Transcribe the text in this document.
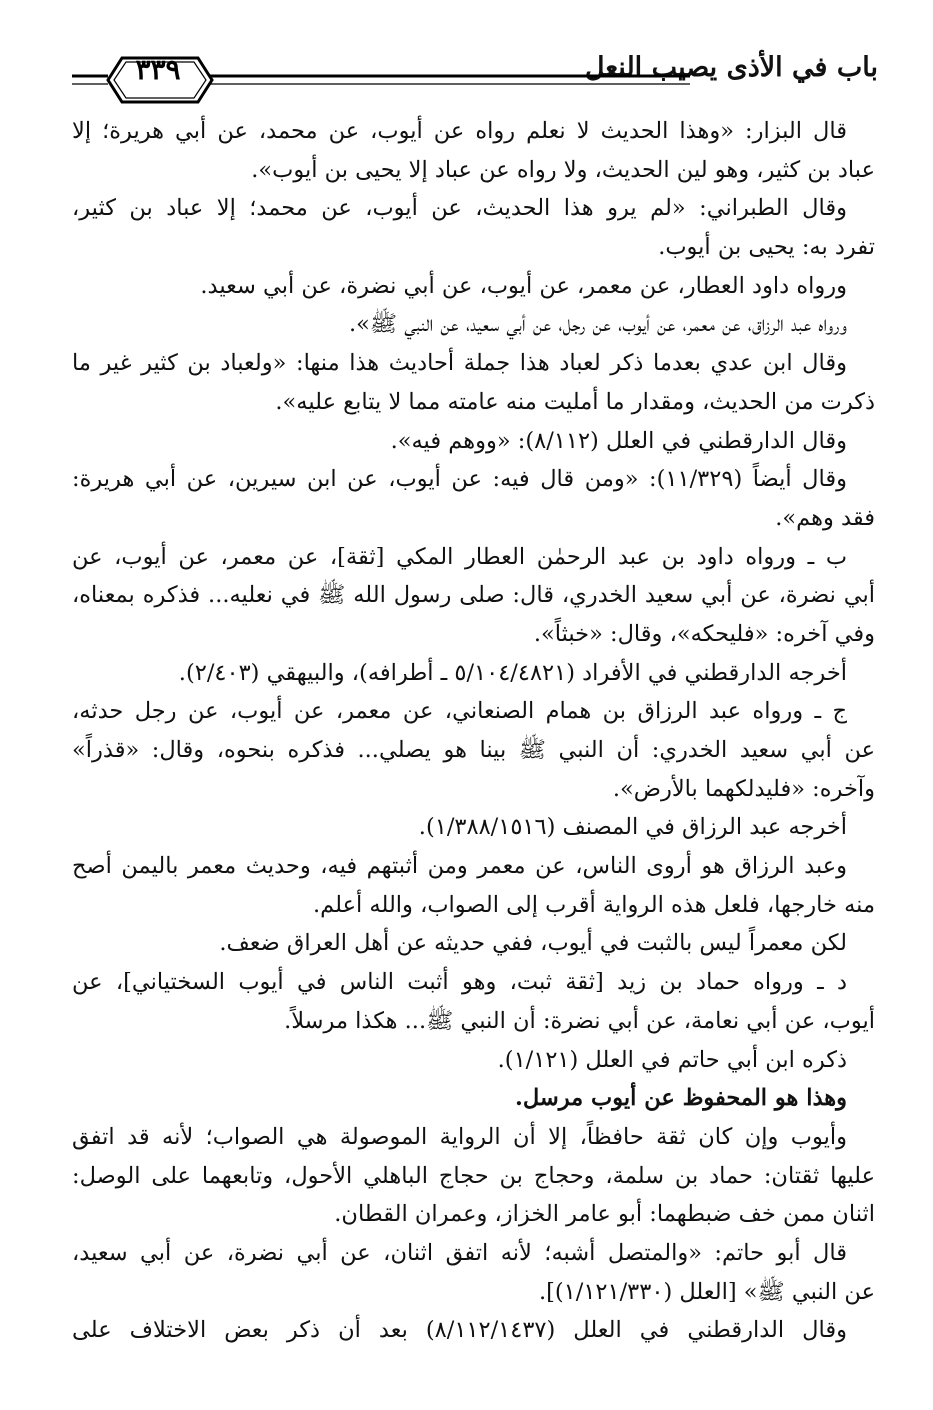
باب في الأذى يصيب النعل
٣٣٩
قال البزار: «وهذا الحديث لا نعلم رواه عن أيوب، عن محمد، عن أبي هريرة؛ إلا
عباد بن كثير، وهو لين الحديث، ولا رواه عن عباد إلا يحيى بن أيوب».
وقال الطبراني: «لم يرو هذا الحديث، عن أيوب، عن محمد؛ إلا عباد بن كثير،
تفرد به: يحيى بن أيوب.
ورواه داود العطار، عن معمر، عن أيوب، عن أبي نضرة، عن أبي سعيد.
ورواه عبد الرزاق، عن معمر، عن أيوب، عن رجل، عن أبي سعيد، عن النبي ﷺ».
وقال ابن عدي بعدما ذكر لعباد هذا جملة أحاديث هذا منها: «ولعباد بن كثير غير ما
ذكرت من الحديث، ومقدار ما أمليت منه عامته مما لا يتابع عليه».
وقال الدارقطني في العلل (٨/١١٢): «ووهم فيه».
وقال أيضاً (١١/٣٢٩): «ومن قال فيه: عن أيوب، عن ابن سيرين، عن أبي هريرة:
فقد وهم».
ب ـ ورواه داود بن عبد الرحمٰن العطار المكي [ثقة]، عن معمر، عن أيوب، عن
أبي نضرة، عن أبي سعيد الخدري، قال: صلى رسول الله ﷺ في نعليه... فذكره بمعناه،
وفي آخره: «فليحكه»، وقال: «خبثاً».
أخرجه الدارقطني في الأفراد (٥/١٠٤/٤٨٢١ ـ أطرافه)، والبيهقي (٢/٤٠٣).
ج ـ ورواه عبد الرزاق بن همام الصنعاني، عن معمر، عن أيوب، عن رجل حدثه،
عن أبي سعيد الخدري: أن النبي ﷺ بينا هو يصلي... فذكره بنحوه، وقال: «قذراً»
وآخره: «فليدلكهما بالأرض».
أخرجه عبد الرزاق في المصنف (١/٣٨٨/١٥١٦).
وعبد الرزاق هو أروى الناس، عن معمر ومن أثبتهم فيه، وحديث معمر باليمن أصح
منه خارجها، فلعل هذه الرواية أقرب إلى الصواب، والله أعلم.
لكن معمراً ليس بالثبت في أيوب، ففي حديثه عن أهل العراق ضعف.
د ـ ورواه حماد بن زيد [ثقة ثبت، وهو أثبت الناس في أيوب السختياني]، عن
أيوب، عن أبي نعامة، عن أبي نضرة: أن النبي ﷺ... هكذا مرسلاً.
ذكره ابن أبي حاتم في العلل (١/١٢١).
وهذا هو المحفوظ عن أيوب مرسل.
وأيوب وإن كان ثقة حافظاً، إلا أن الرواية الموصولة هي الصواب؛ لأنه قد اتفق
عليها ثقتان: حماد بن سلمة، وحجاج بن حجاج الباهلي الأحول، وتابعهما على الوصل:
اثنان ممن خف ضبطهما: أبو عامر الخزاز، وعمران القطان.
قال أبو حاتم: «والمتصل أشبه؛ لأنه اتفق اثنان، عن أبي نضرة، عن أبي سعيد،
عن النبي ﷺ» [العلل (١/١٢١/٣٣٠)].
وقال الدارقطني في العلل (٨/١١٢/١٤٣٧) بعد أن ذكر بعض الاختلاف على
